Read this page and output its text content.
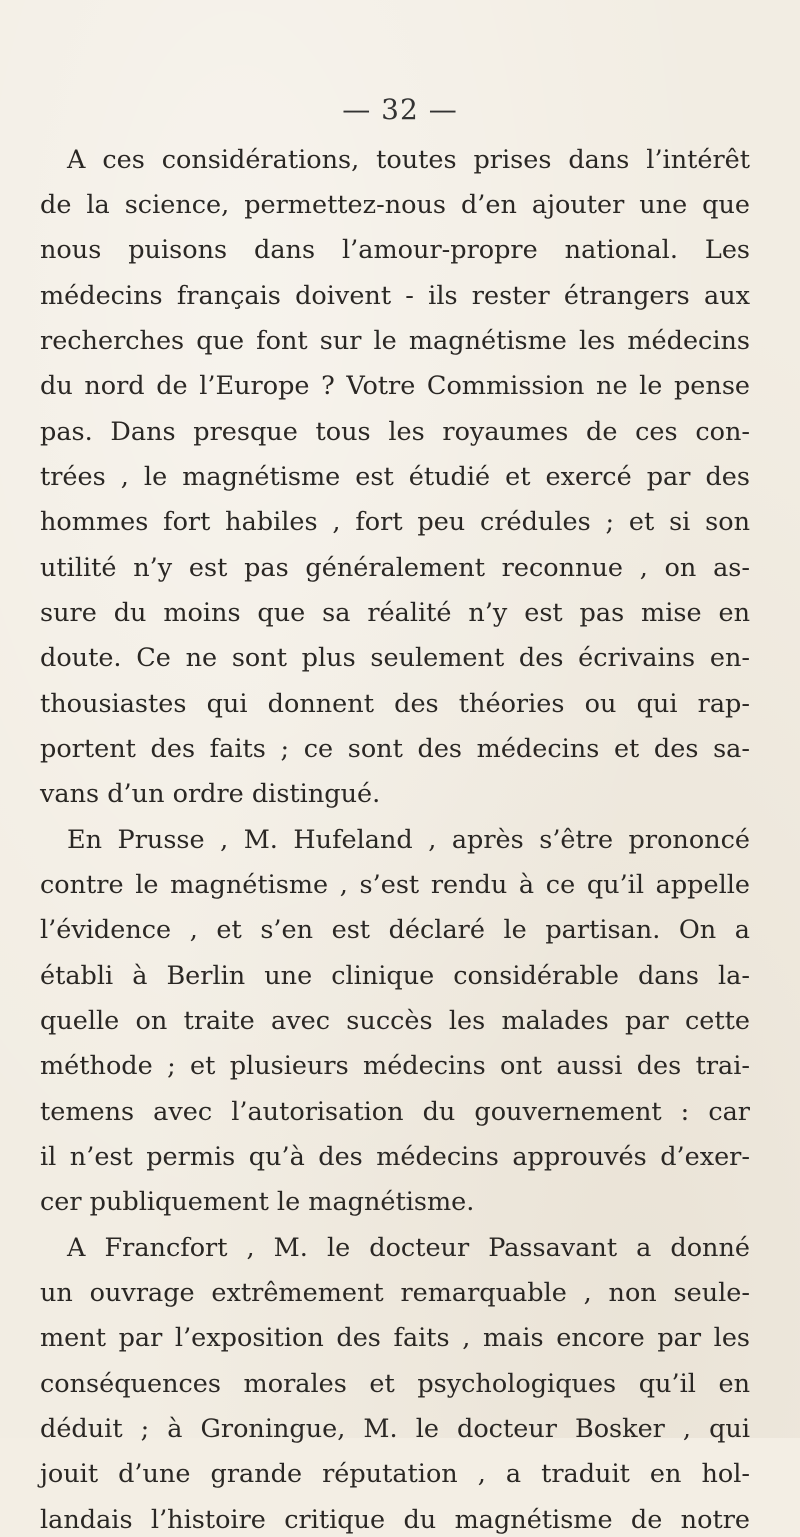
— 32 —
A ces considérations, toutes prises dans l’intérêt
de la science, permettez-nous d’en ajouter une que
nous puisons dans l’amour-propre national. Les
médecins français doivent - ils rester étrangers aux
recherches que font sur le magnétisme les médecins
du nord de l’Europe ? Votre Commission ne le pense
pas. Dans presque tous les royaumes de ces con-
trées , le magnétisme est étudié et exercé par des
hommes fort habiles , fort peu crédules ; et si son
utilité n’y est pas généralement reconnue , on as-
sure du moins que sa réalité n’y est pas mise en
doute. Ce ne sont plus seulement des écrivains en-
thousiastes qui donnent des théories ou qui rap-
portent des faits ; ce sont des médecins et des sa-
vans d’un ordre distingué.
En Prusse , M. Hufeland , après s’être prononcé
contre le magnétisme , s’est rendu à ce qu’il appelle
l’évidence , et s’en est déclaré le partisan. On a
établi à Berlin une clinique considérable dans la-
quelle on traite avec succès les malades par cette
méthode ; et plusieurs médecins ont aussi des trai-
temens avec l’autorisation du gouvernement : car
il n’est permis qu’à des médecins approuvés d’exer-
cer publiquement le magnétisme.
A Francfort , M. le docteur Passavant a donné
un ouvrage extrêmement remarquable , non seule-
ment par l’exposition des faits , mais encore par les
conséquences morales et psychologiques qu’il en
déduit ; à Groningue, M. le docteur Bosker , qui
jouit d’une grande réputation , a traduit en hol-
landais l’histoire critique du magnétisme de notre
